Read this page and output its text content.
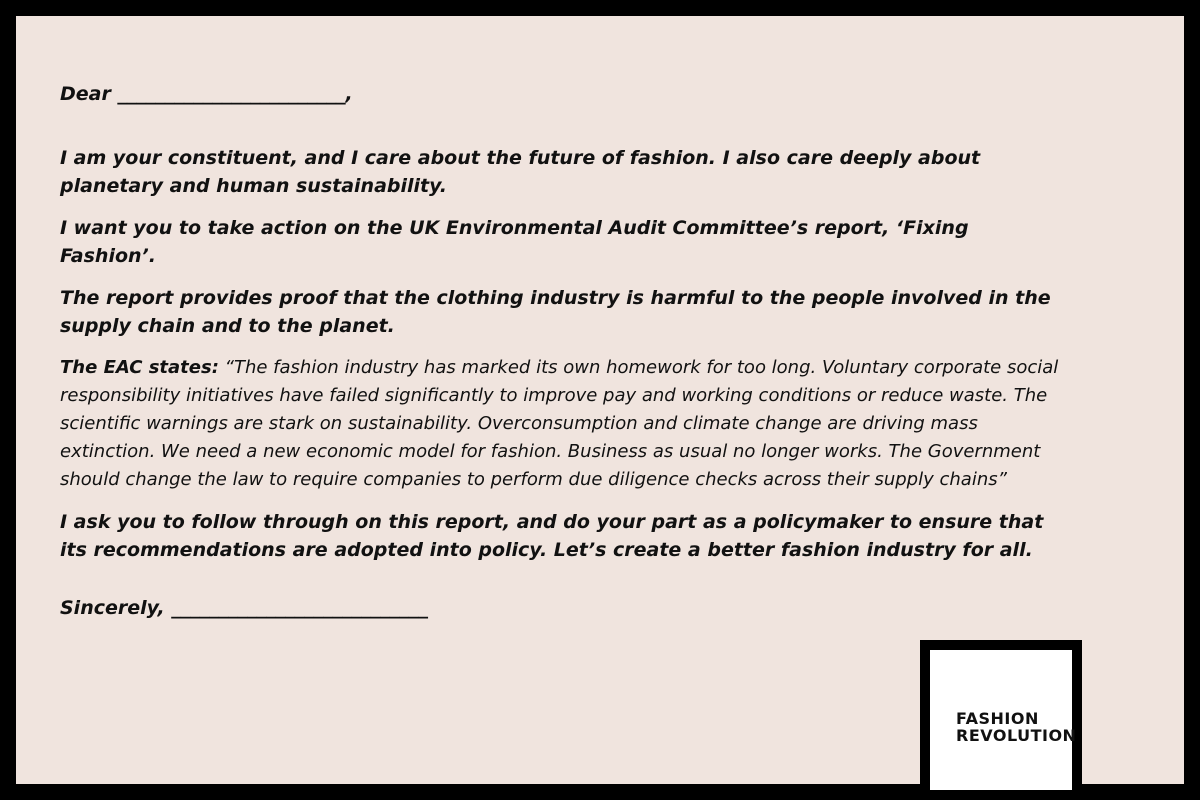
Dear ________________________,

I am your constituent, and I care about the future of fashion. I also care deeply about planetary and human sustainability.

I want you to take action on the UK Environmental Audit Committee’s report, ‘Fixing Fashion’.

The report provides proof that the clothing industry is harmful to the people involved in the supply chain and to the planet.

The EAC states: “The fashion industry has marked its own homework for too long. Voluntary corporate social responsibility initiatives have failed significantly to improve pay and working conditions or reduce waste. The scientific warnings are stark on sustainability. Overconsumption and climate change are driving mass extinction. We need a new economic model for fashion. Business as usual no longer works. The Government should change the law to require companies to perform due diligence checks across their supply chains”

I ask you to follow through on this report, and do your part as a policymaker to ensure that its recommendations are adopted into policy. Let’s create a better fashion industry for all.

Sincerely, ___________________________
FASHION
REVOLUTION
